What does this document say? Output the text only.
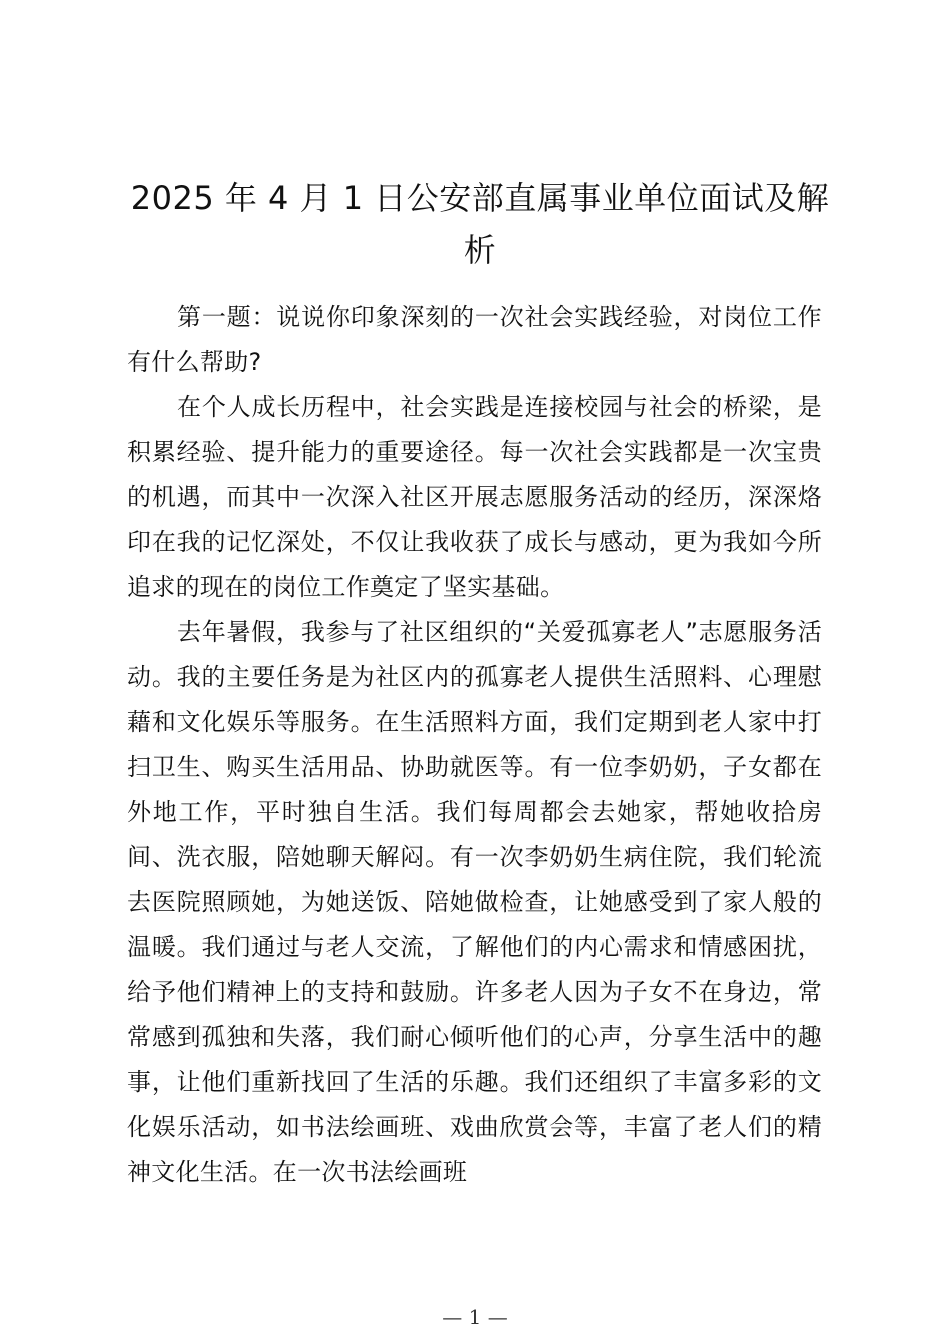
2025 年 4 月 1 日公安部直属事业单位面试及解析

第一题：说说你印象深刻的一次社会实践经验，对岗位工作有什么帮助?

在个人成长历程中，社会实践是连接校园与社会的桥梁，是积累经验、提升能力的重要途径。每一次社会实践都是一次宝贵的机遇，而其中一次深入社区开展志愿服务活动的经历，深深烙印在我的记忆深处，不仅让我收获了成长与感动，更为我如今所追求的现在的岗位工作奠定了坚实基础。

去年暑假，我参与了社区组织的“关爱孤寡老人”志愿服务活动。我的主要任务是为社区内的孤寡老人提供生活照料、心理慰藉和文化娱乐等服务。在生活照料方面，我们定期到老人家中打扫卫生、购买生活用品、协助就医等。有一位李奶奶，子女都在外地工作，平时独自生活。我们每周都会去她家，帮她收拾房间、洗衣服，陪她聊天解闷。有一次李奶奶生病住院，我们轮流去医院照顾她，为她送饭、陪她做检查，让她感受到了家人般的温暖。我们通过与老人交流，了解他们的内心需求和情感困扰，给予他们精神上的支持和鼓励。许多老人因为子女不在身边，常常感到孤独和失落，我们耐心倾听他们的心声，分享生活中的趣事，让他们重新找回了生活的乐趣。我们还组织了丰富多彩的文化娱乐活动，如书法绘画班、戏曲欣赏会等，丰富了老人们的精神文化生活。在一次书法绘画班

— 1 —
